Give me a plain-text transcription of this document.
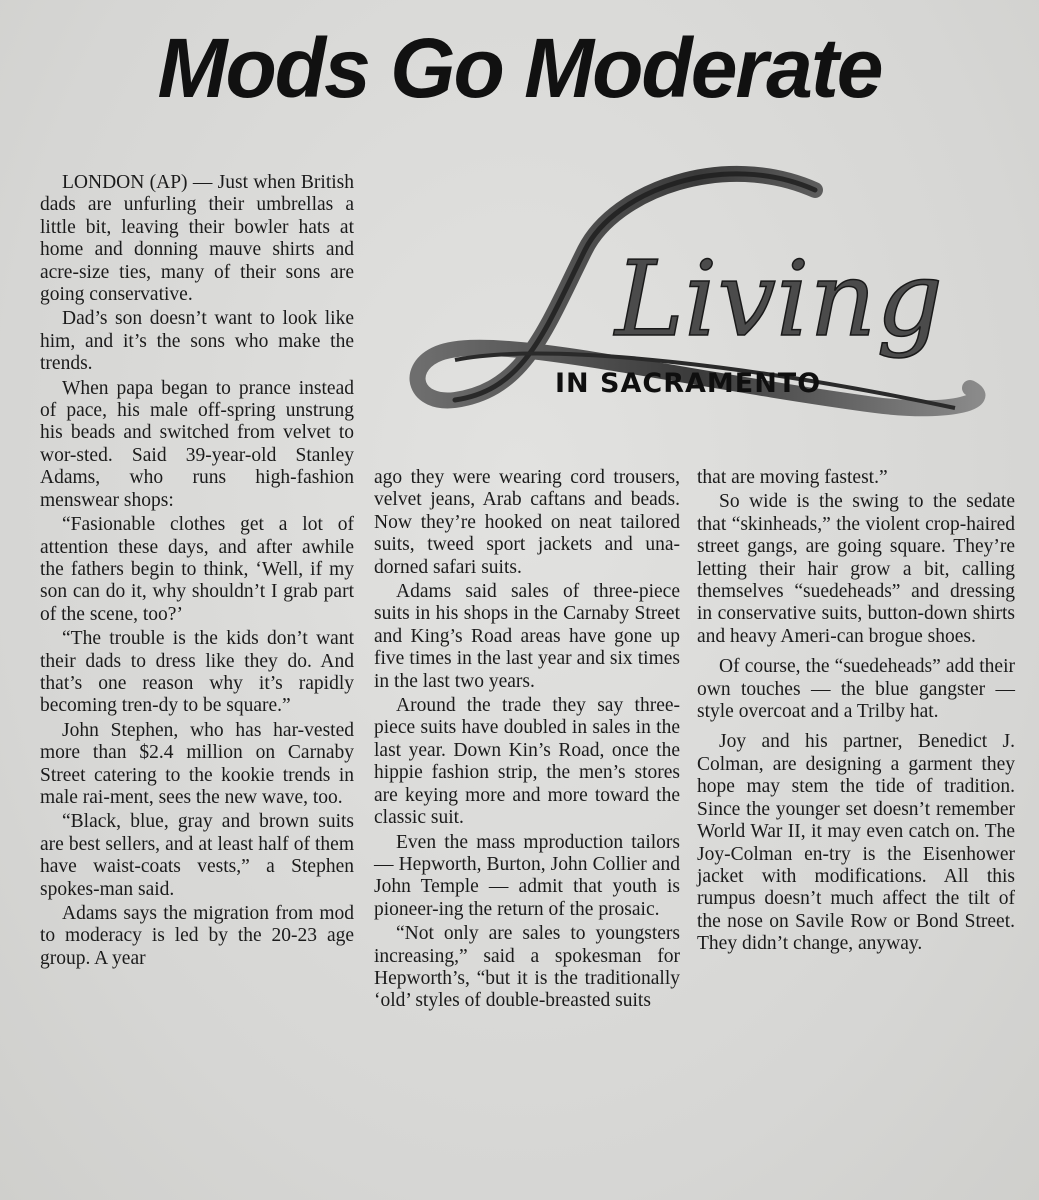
Mods Go Moderate
Living
IN SACRAMENTO

LONDON (AP) — Just when British dads are unfurling their umbrellas a little bit, leaving their bowler hats at home and donning mauve shirts and acre-size ties, many of their sons are going conservative.

Dad’s son doesn’t want to look like him, and it’s the sons who make the trends.

When papa began to prance instead of pace, his male off-spring unstrung his beads and switched from velvet to wor-sted. Said 39-year-old Stanley Adams, who runs high-fashion menswear shops:

“Fasionable clothes get a lot of attention these days, and after awhile the fathers begin to think, ‘Well, if my son can do it, why shouldn’t I grab part of the scene, too?’

“The trouble is the kids don’t want their dads to dress like they do. And that’s one reason why it’s rapidly becoming tren-dy to be square.”

John Stephen, who has har-vested more than $2.4 million on Carnaby Street catering to the kookie trends in male rai-ment, sees the new wave, too.

“Black, blue, gray and brown suits are best sellers, and at least half of them have waist-coats vests,” a Stephen spokes-man said.

Adams says the migration from mod to moderacy is led by the 20-23 age group. A year

ago they were wearing cord trousers, velvet jeans, Arab caftans and beads. Now they’re hooked on neat tailored suits, tweed sport jackets and una-dorned safari suits.

Adams said sales of three-piece suits in his shops in the Carnaby Street and King’s Road areas have gone up five times in the last year and six times in the last two years.

Around the trade they say three-piece suits have doubled in sales in the last year. Down Kin’s Road, once the hippie fashion strip, the men’s stores are keying more and more toward the classic suit.

Even the mass mproduction tailors — Hepworth, Burton, John Collier and John Temple — admit that youth is pioneer-ing the return of the prosaic.

“Not only are sales to youngsters increasing,” said a spokesman for Hepworth’s, “but it is the traditionally ‘old’ styles of double-breasted suits

that are moving fastest.”

So wide is the swing to the sedate that “skinheads,” the violent crop-haired street gangs, are going square. They’re letting their hair grow a bit, calling themselves “suedeheads” and dressing in conservative suits, button-down shirts and heavy Ameri-can brogue shoes.

Of course, the “suedeheads” add their own touches — the blue gangster — style overcoat and a Trilby hat.

Joy and his partner, Benedict J. Colman, are designing a garment they hope may stem the tide of tradition. Since the younger set doesn’t remember World War II, it may even catch on. The Joy-Colman en-try is the Eisenhower jacket with modifications. All this rumpus doesn’t much affect the tilt of the nose on Savile Row or Bond Street. They didn’t change, anyway.
